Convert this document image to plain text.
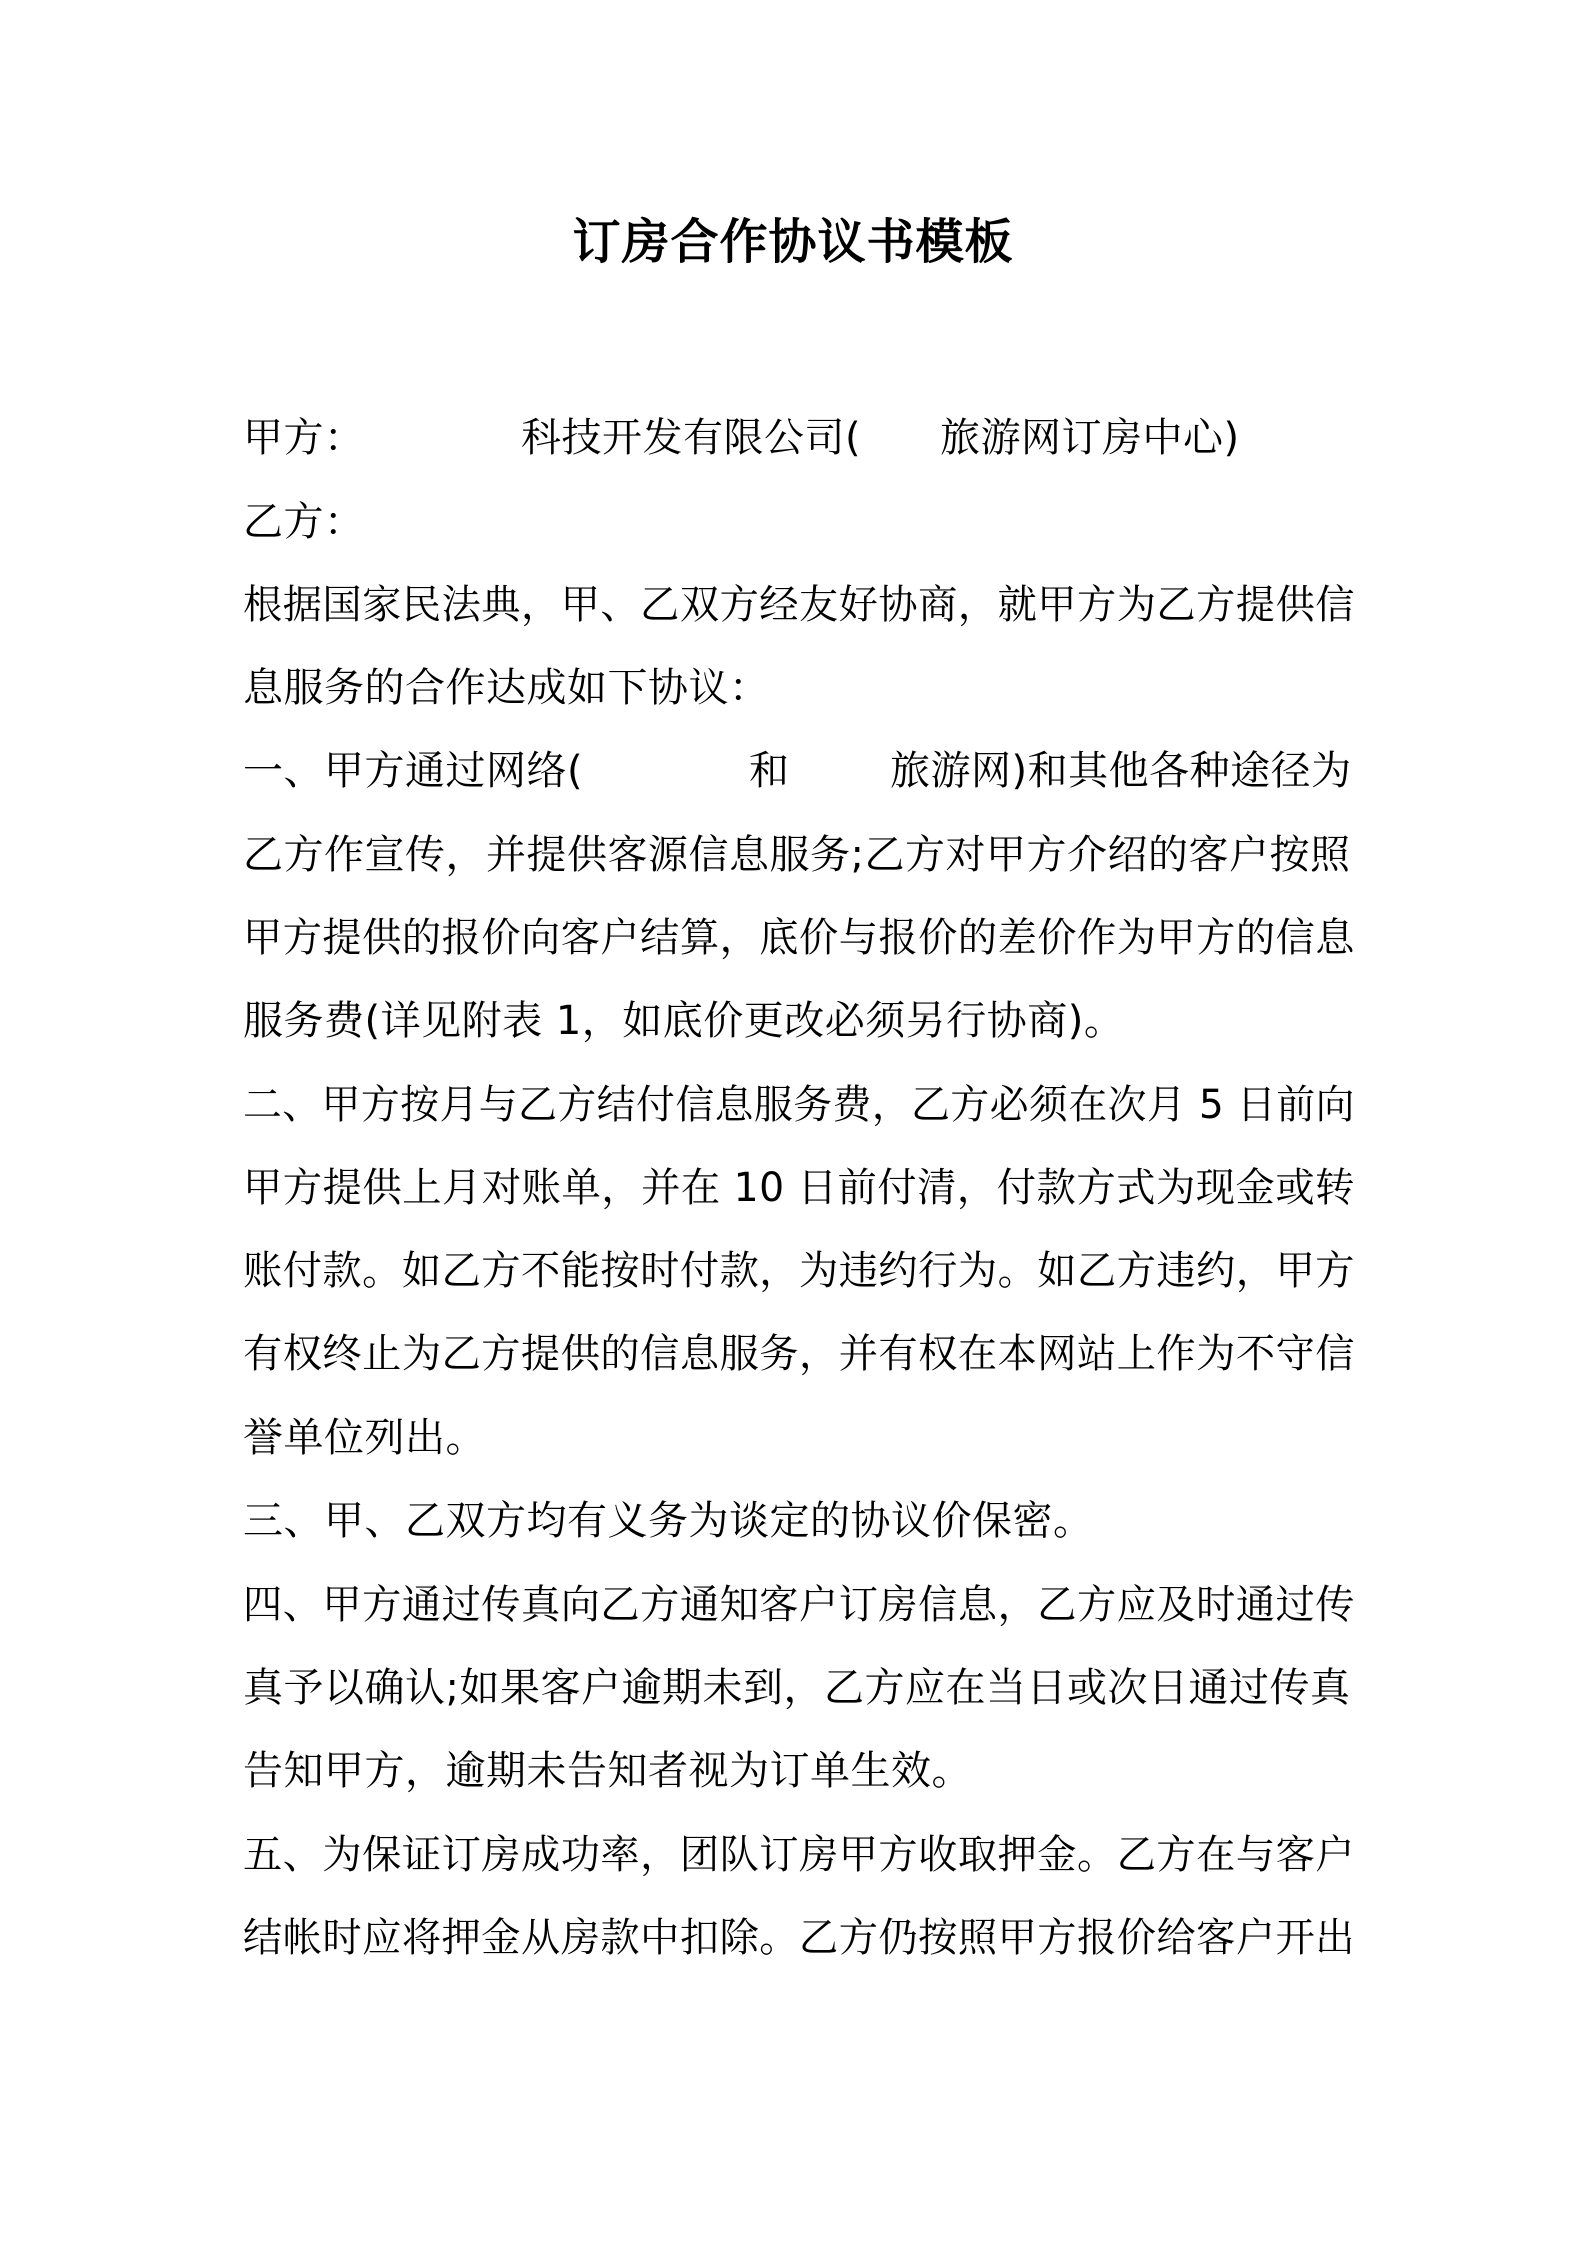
订房合作协议书模板
甲方：	科技开发有限公司( 旅游网订房中心)
乙方：
根据国家民法典，甲、乙双方经友好协商，就甲方为乙方提供信
息服务的合作达成如下协议：
一、甲方通过网络(	和	旅游网)和其他各种途径为
乙方作宣传，并提供客源信息服务;乙方对甲方介绍的客户按照
甲方提供的报价向客户结算，底价与报价的差价作为甲方的信息
服务费(详见附表 1，如底价更改必须另行协商)。
二、甲方按月与乙方结付信息服务费，乙方必须在次月 5 日前向
甲方提供上月对账单，并在 10 日前付清，付款方式为现金或转
账付款。如乙方不能按时付款，为违约行为。如乙方违约，甲方
有权终止为乙方提供的信息服务，并有权在本网站上作为不守信
誉单位列出。
三、甲、乙双方均有义务为谈定的协议价保密。
四、甲方通过传真向乙方通知客户订房信息，乙方应及时通过传
真予以确认;如果客户逾期未到，乙方应在当日或次日通过传真
告知甲方，逾期未告知者视为订单生效。
五、为保证订房成功率，团队订房甲方收取押金。乙方在与客户
结帐时应将押金从房款中扣除。乙方仍按照甲方报价给客户开出
